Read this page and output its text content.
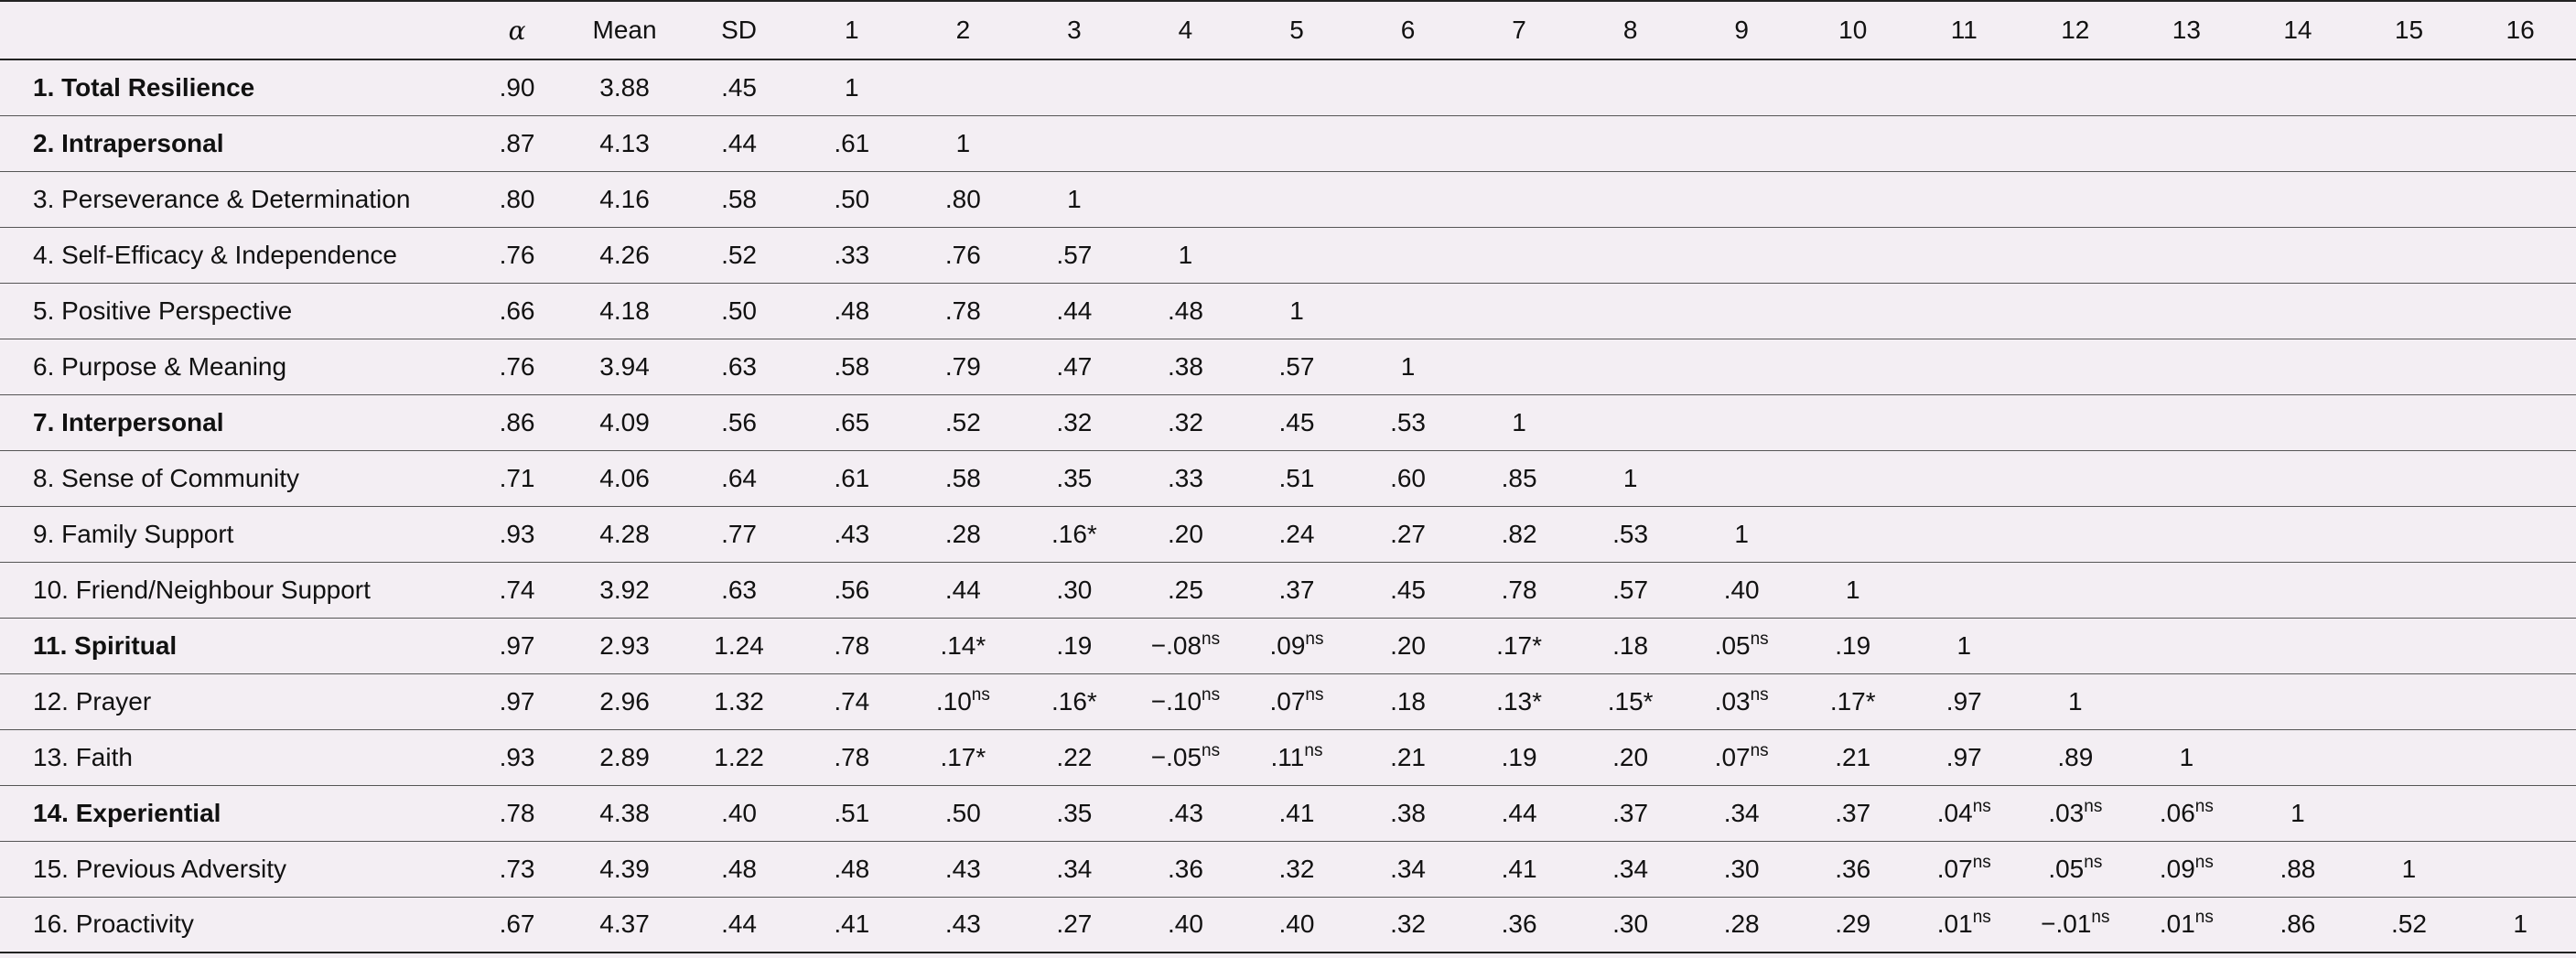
	α	Mean	SD	1	2	3	4	5	6	7	8	9	10	11	12	13	14	15	16
1. Total Resilience	.90	3.88	.45	1															
2. Intrapersonal	.87	4.13	.44	.61	1														
3. Perseverance & Determination	.80	4.16	.58	.50	.80	1													
4. Self-Efficacy & Independence	.76	4.26	.52	.33	.76	.57	1												
5. Positive Perspective	.66	4.18	.50	.48	.78	.44	.48	1											
6. Purpose & Meaning	.76	3.94	.63	.58	.79	.47	.38	.57	1										
7. Interpersonal	.86	4.09	.56	.65	.52	.32	.32	.45	.53	1									
8. Sense of Community	.71	4.06	.64	.61	.58	.35	.33	.51	.60	.85	1								
9. Family Support	.93	4.28	.77	.43	.28	.16*	.20	.24	.27	.82	.53	1							
10. Friend/Neighbour Support	.74	3.92	.63	.56	.44	.30	.25	.37	.45	.78	.57	.40	1						
11. Spiritual	.97	2.93	1.24	.78	.14*	.19	$-.08^{ns}$	$.09^{ns}$	.20	.17*	.18	$.05^{ns}$	.19	1					
12. Prayer	.97	2.96	1.32	.74	$.10^{ns}$	.16*	$-.10^{ns}$	$.07^{ns}$	.18	.13*	.15*	$.03^{ns}$	.17*	.97	1				
13. Faith	.93	2.89	1.22	.78	.17*	.22	$-.05^{ns}$	$.11^{ns}$	.21	.19	.20	$.07^{ns}$	.21	.97	.89	1			
14. Experiential	.78	4.38	.40	.51	.50	.35	.43	.41	.38	.44	.37	.34	.37	$.04^{ns}$	$.03^{ns}$	$.06^{ns}$	1		
15. Previous Adversity	.73	4.39	.48	.48	.43	.34	.36	.32	.34	.41	.34	.30	.36	$.07^{ns}$	$.05^{ns}$	$.09^{ns}$	.88	1	
16. Proactivity	.67	4.37	.44	.41	.43	.27	.40	.40	.32	.36	.30	.28	.29	$.01^{ns}$	$-.01^{ns}$	$.01^{ns}$	.86	.52	1
